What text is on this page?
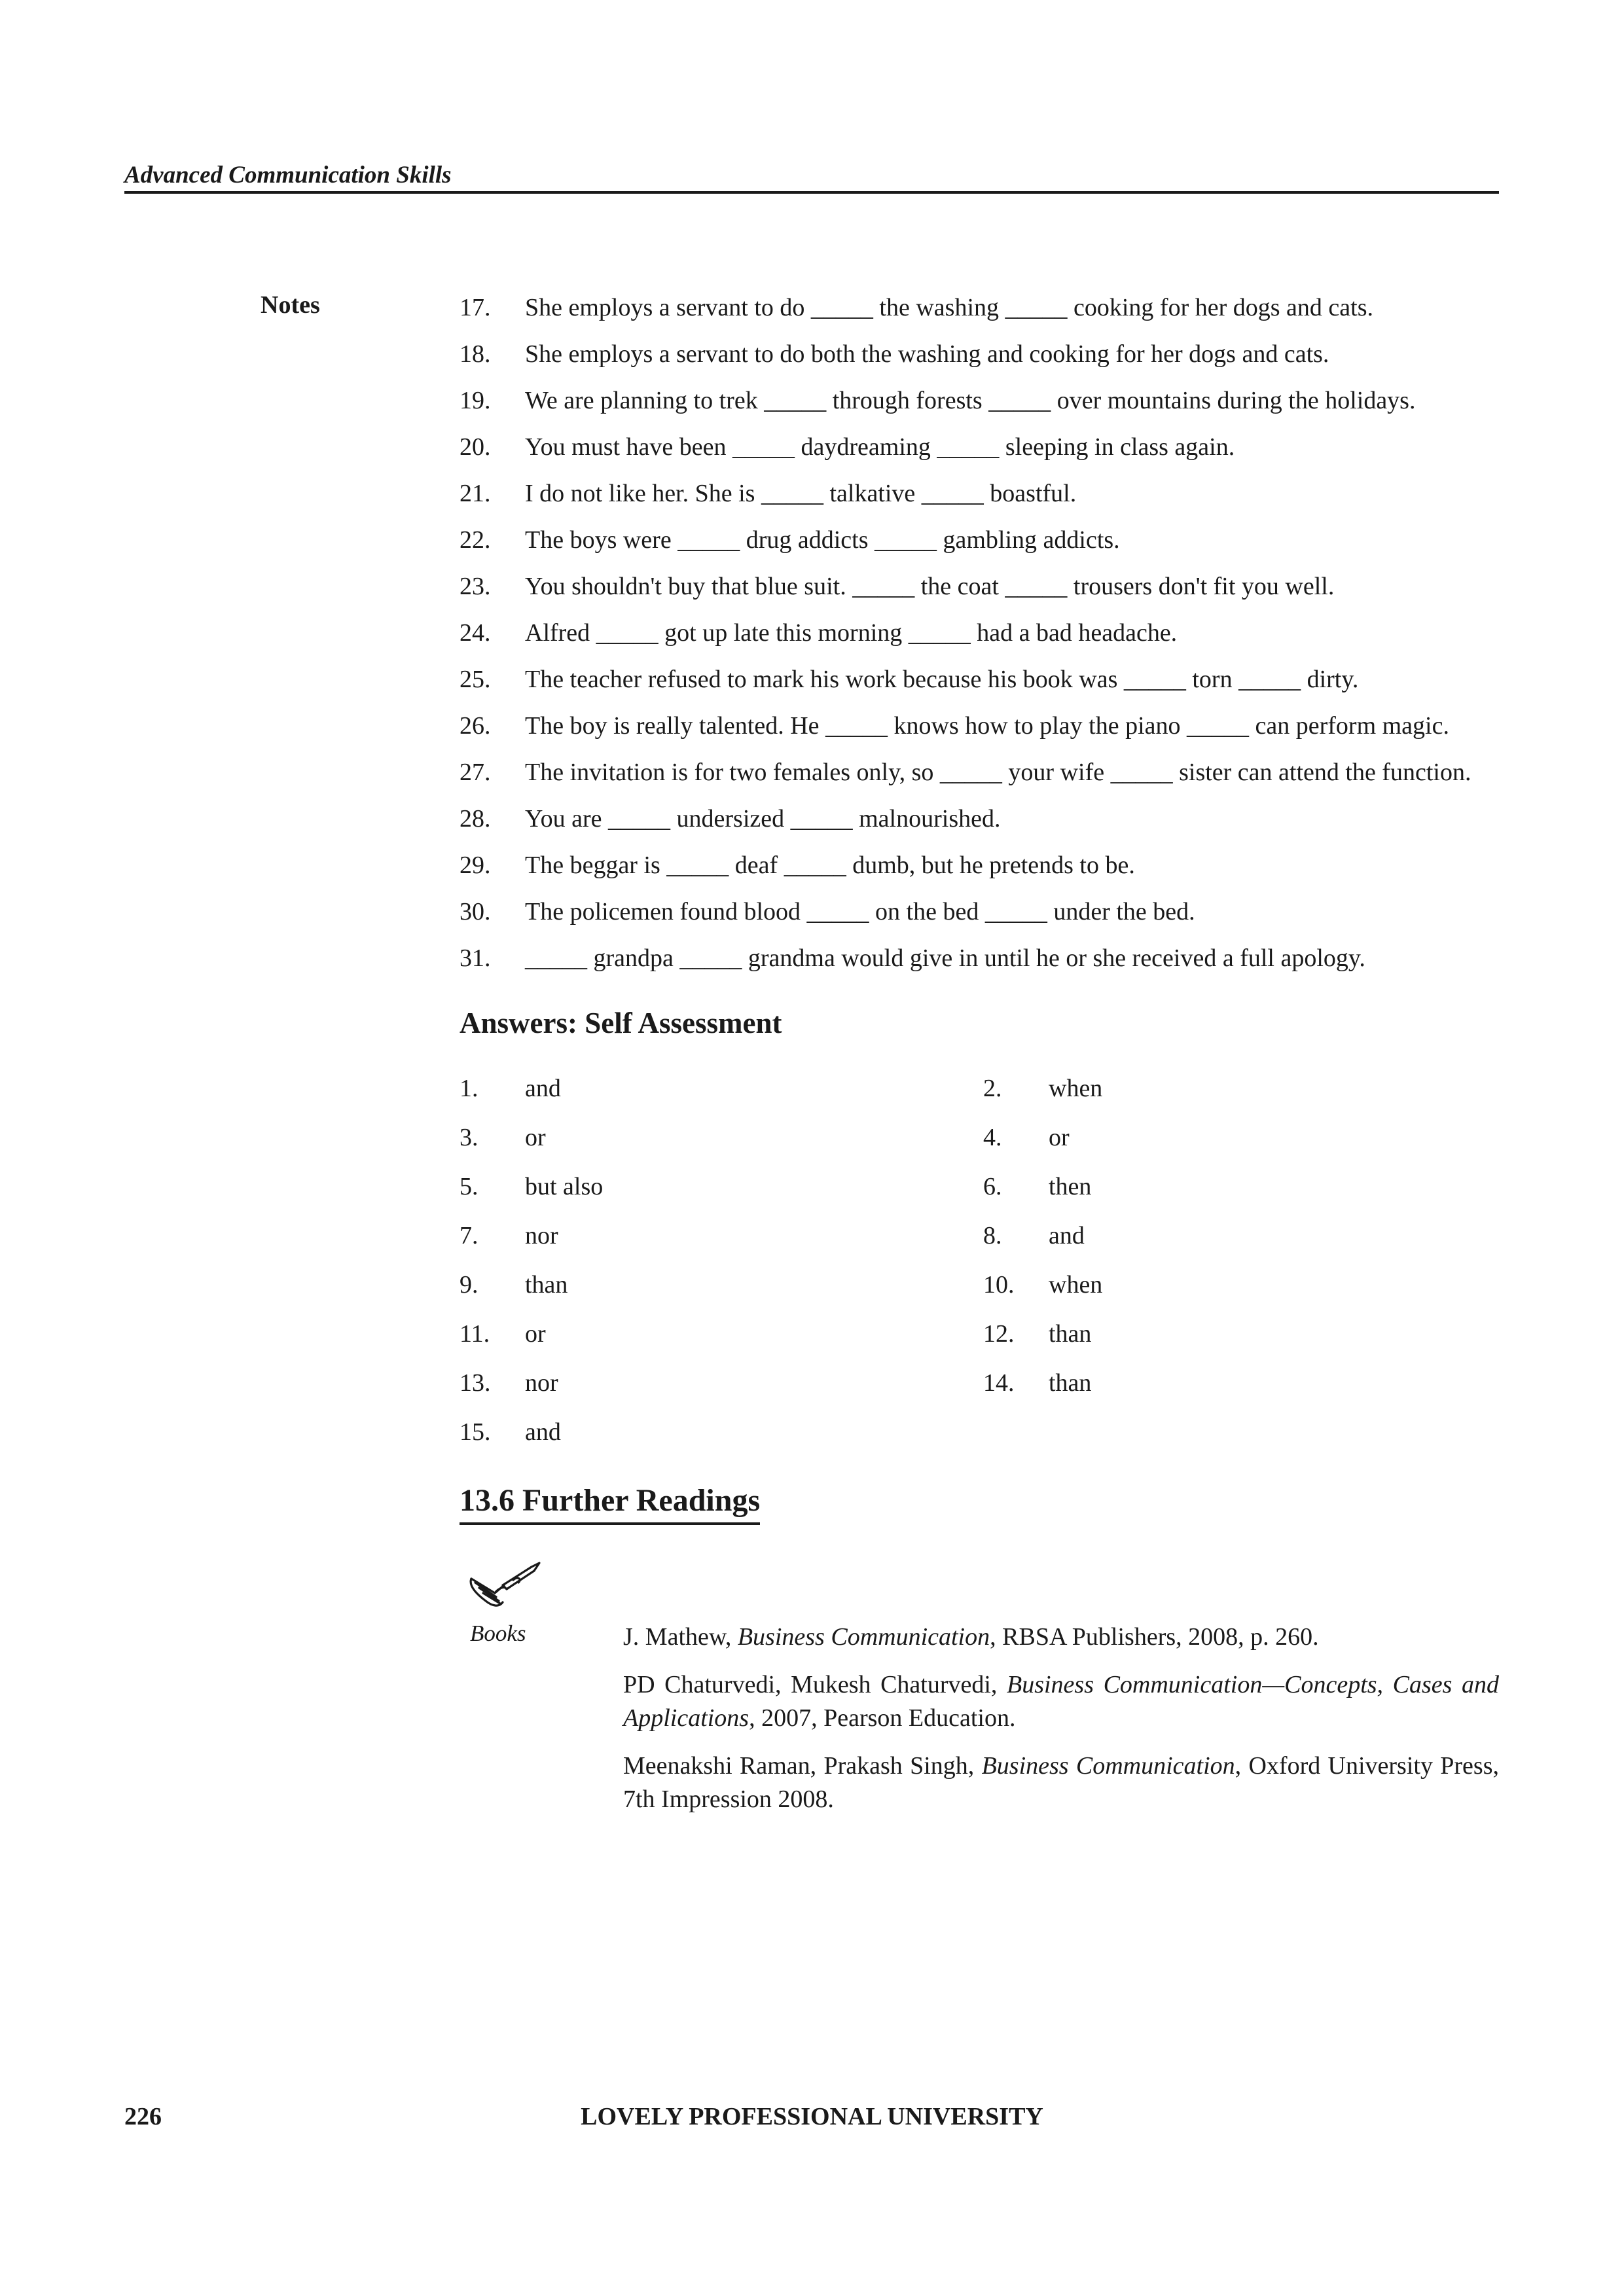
Advanced Communication Skills
Notes	17.	She employs a servant to do _____ the washing _____ cooking for her dogs and cats.
18.	She employs a servant to do both the washing and cooking for her dogs and cats.
19.	We are planning to trek _____ through forests _____ over mountains during the holidays.
20.	You must have been _____ daydreaming _____ sleeping in class again.
21.	I do not like her. She is _____ talkative _____ boastful.
22.	The boys were _____ drug addicts _____ gambling addicts.
23.	You shouldn't buy that blue suit. _____ the coat _____ trousers don't fit you well.
24.	Alfred _____ got up late this morning _____ had a bad headache.
25.	The teacher refused to mark his work because his book was _____ torn _____ dirty.
26.	The boy is really talented. He _____ knows how to play the piano _____ can perform magic.
27.	The invitation is for two females only, so _____ your wife _____ sister can attend the function.
28.	You are _____ undersized _____ malnourished.
29.	The beggar is _____ deaf _____ dumb, but he pretends to be.
30.	The policemen found blood _____ on the bed _____ under the bed.
31.	_____ grandpa _____ grandma would give in until he or she received a full apology.
Answers: Self Assessment
1.	and	2.	when
3.	or	4.	or
5.	but also	6.	then
7.	nor	8.	and
9.	than	10.	when
11.	or	12.	than
13.	nor	14.	than
15.	and
13.6 Further Readings
Books	J. Mathew, Business Communication, RBSA Publishers, 2008, p. 260.
PD Chaturvedi, Mukesh Chaturvedi, Business Communication—Concepts, Cases and Applications, 2007, Pearson Education.
Meenakshi Raman, Prakash Singh, Business Communication, Oxford University Press, 7th Impression 2008.
226	LOVELY PROFESSIONAL UNIVERSITY
